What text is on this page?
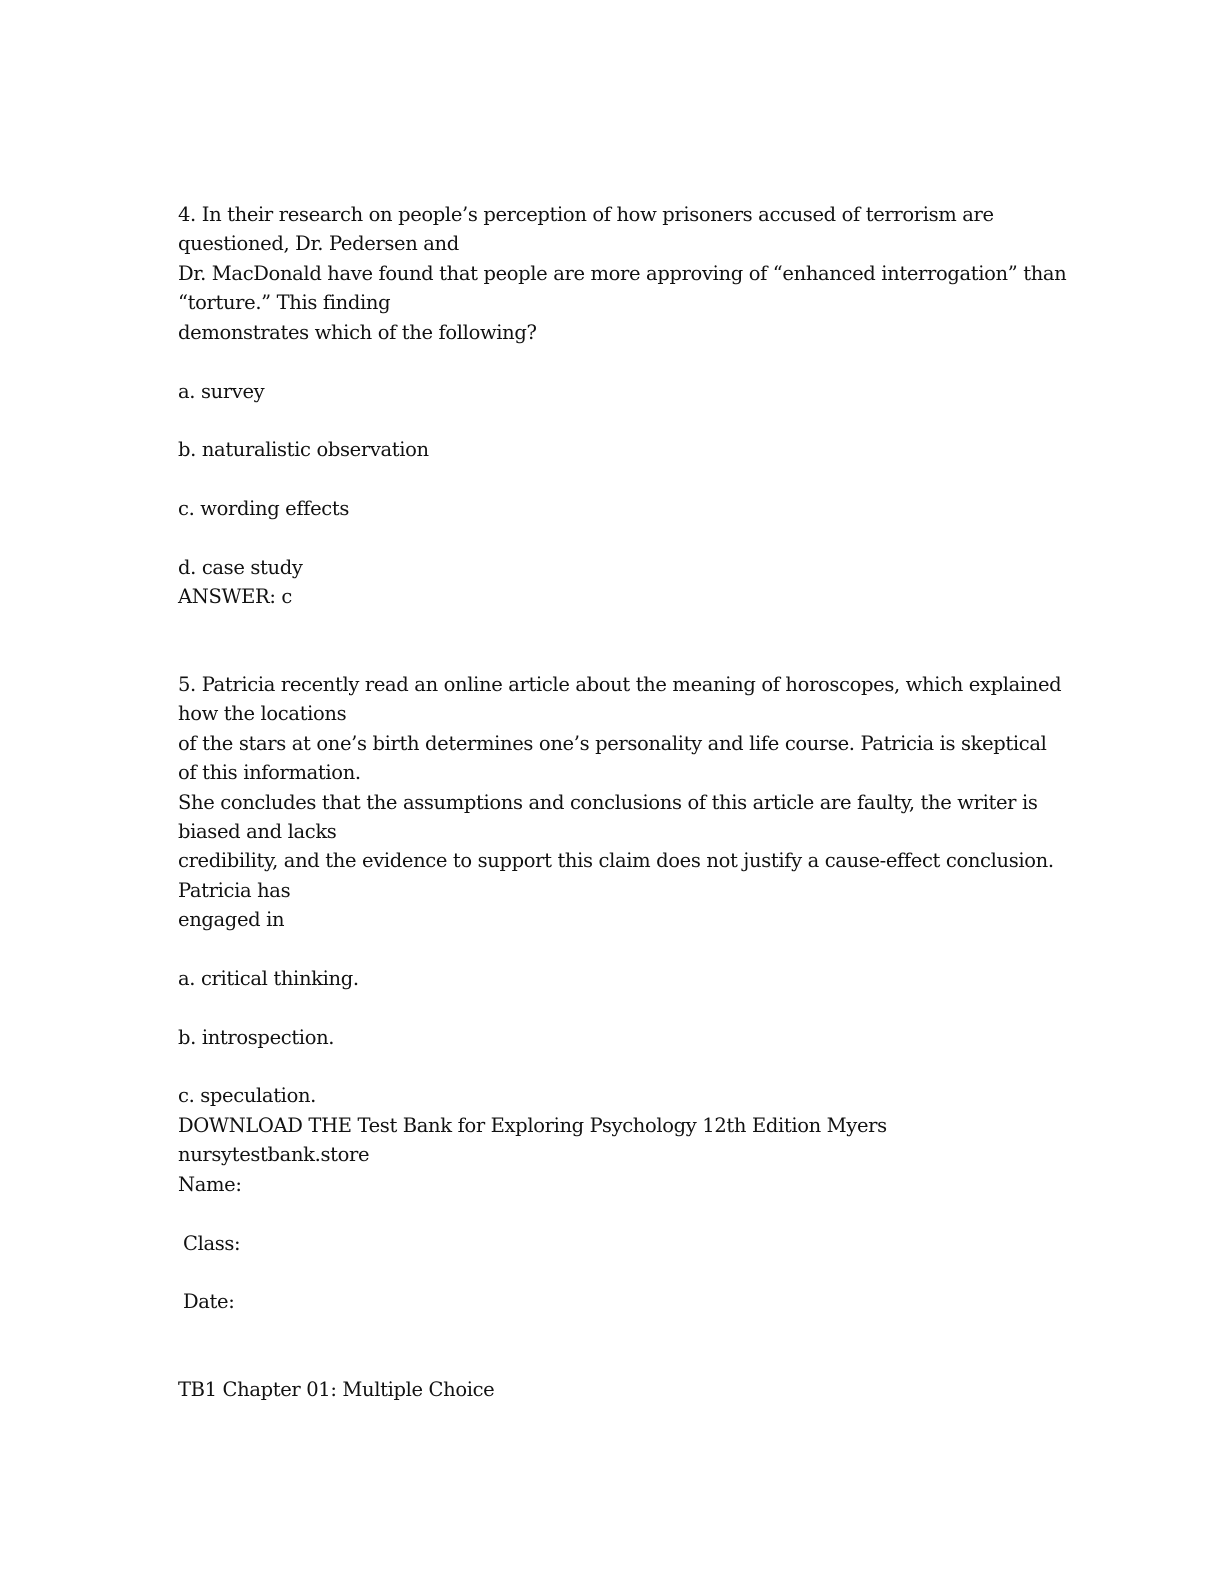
4. In their research on people’s perception of how prisoners accused of terrorism are
questioned, Dr. Pedersen and
Dr. MacDonald have found that people are more approving of “enhanced interrogation” than
“torture.” This finding
demonstrates which of the following?
a. survey
b. naturalistic observation
c. wording effects
d. case study
ANSWER: c
5. Patricia recently read an online article about the meaning of horoscopes, which explained
how the locations
of the stars at one’s birth determines one’s personality and life course. Patricia is skeptical
of this information.
She concludes that the assumptions and conclusions of this article are faulty, the writer is
biased and lacks
credibility, and the evidence to support this claim does not justify a cause-effect conclusion.
Patricia has
engaged in
a. critical thinking.
b. introspection.
c. speculation.
DOWNLOAD THE Test Bank for Exploring Psychology 12th Edition Myers
nursytestbank.store
Name:
Class:
Date:
TB1 Chapter 01: Multiple Choice
